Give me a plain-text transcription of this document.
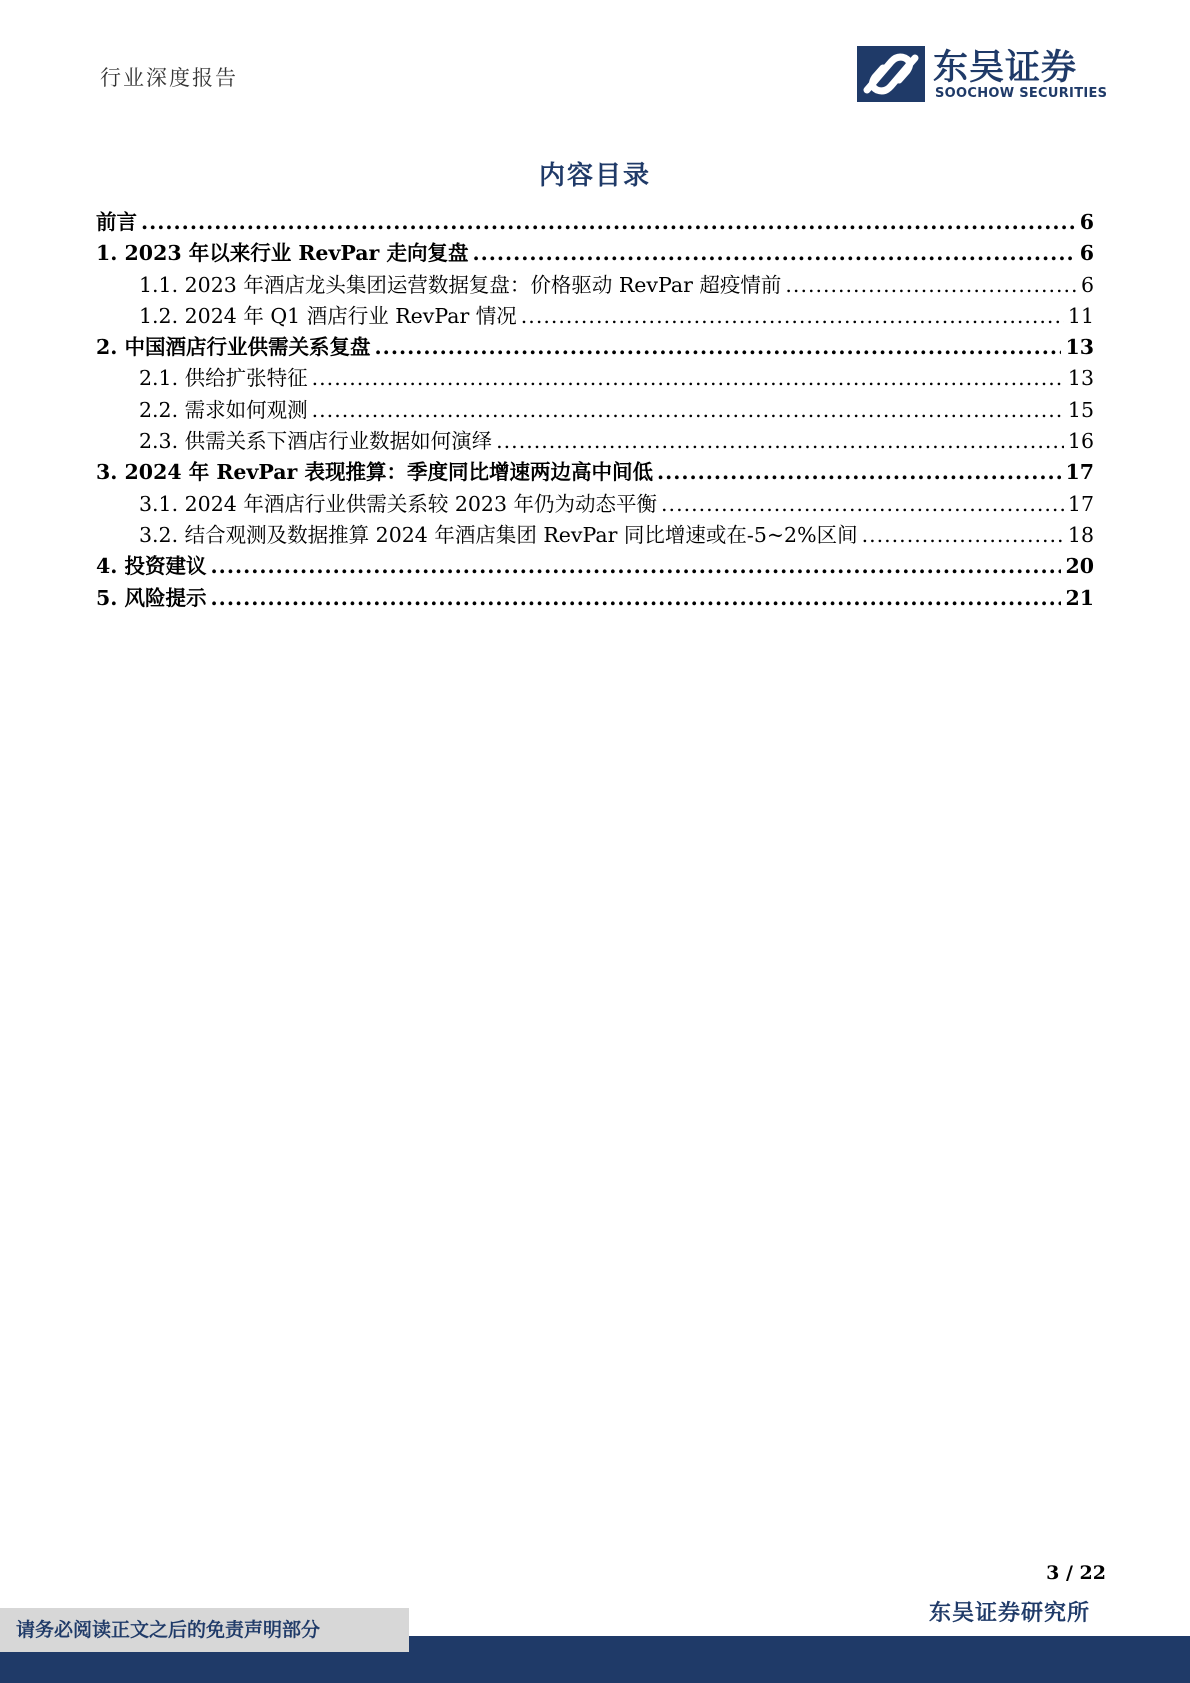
行业深度报告	东吴证券
SOOCHOW SECURITIES
内容目录
前言 .....	6
1. 2023 年以来行业 RevPar 走向复盘 .....	6
1.1. 2023 年酒店龙头集团运营数据复盘：价格驱动 RevPar 超疫情前 .....	6
1.2. 2024 年 Q1 酒店行业 RevPar 情况 .....	11
2. 中国酒店行业供需关系复盘 .....	13
2.1. 供给扩张特征 .....	13
2.2. 需求如何观测 .....	15
2.3. 供需关系下酒店行业数据如何演绎 .....	16
3. 2024 年 RevPar 表现推算：季度同比增速两边高中间低 .....	17
3.1. 2024 年酒店行业供需关系较 2023 年仍为动态平衡 .....	17
3.2. 结合观测及数据推算 2024 年酒店集团 RevPar 同比增速或在-5~2%区间 .....	18
4. 投资建议 .....	20
5. 风险提示 .....	21
3 / 22
请务必阅读正文之后的免责声明部分
东吴证券研究所
